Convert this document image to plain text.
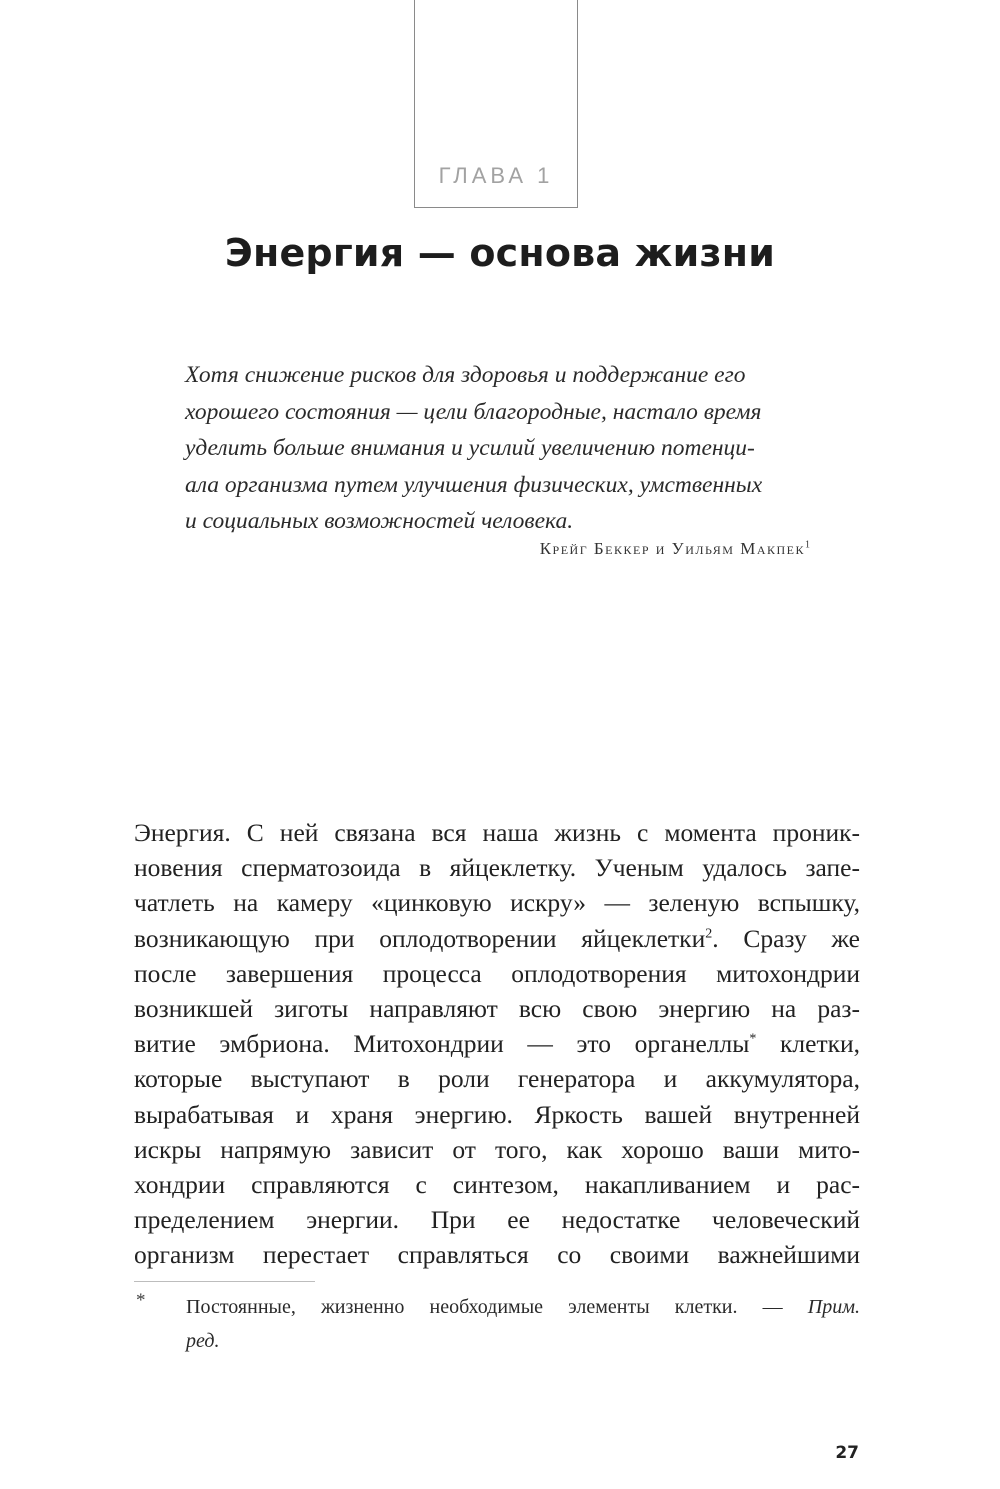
ГЛАВА 1
Энергия — основа жизни
Хотя снижение рисков для здоровья и поддержание его
хорошего состояния — цели благородные, настало время
уделить больше внимания и усилий увеличению потенци-
ала организма путем улучшения физических, умственных
и социальных возможностей человека.
Крейг Беккер и Уильям Макпек$^1$
Энергия. С ней связана вся наша жизнь с момента проник-
новения сперматозоида в яйцеклетку. Ученым удалось запе-
чатлеть на камеру «цинковую искру» — зеленую вспышку,
возникающую при оплодотворении яйцеклетки$^2$. Сразу же
после завершения процесса оплодотворения митохондрии
возникшей зиготы направляют всю свою энергию на раз-
витие эмбриона. Митохондрии — это органеллы* клетки,
которые выступают в роли генератора и аккумулятора,
вырабатывая и храня энергию. Яркость вашей внутренней
искры напрямую зависит от того, как хорошо ваши мито-
хондрии справляются с синтезом, накапливанием и рас-
пределением энергии. При ее недостатке человеческий
организм перестает справляться со своими важнейшими
* Постоянные, жизненно необходимые элементы клетки. — Прим.
ред.
27
